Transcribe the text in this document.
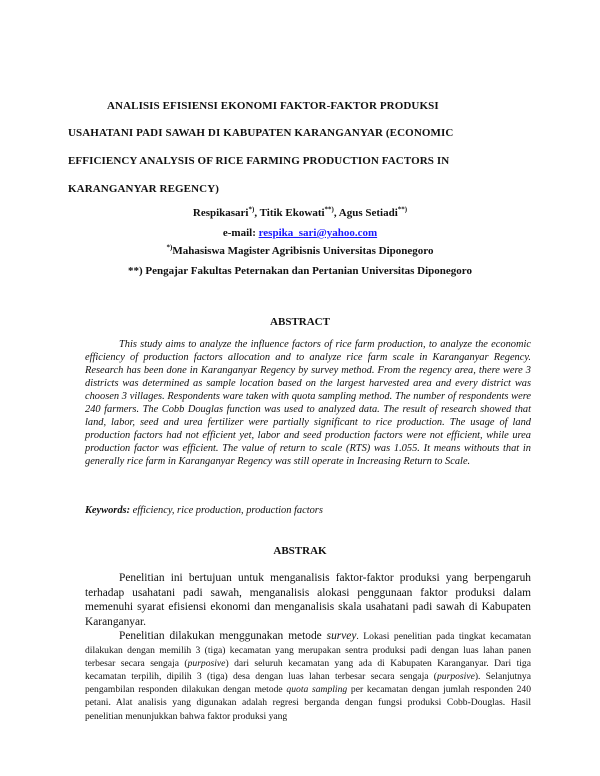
ANALISIS EFISIENSI EKONOMI FAKTOR-FAKTOR PRODUKSI
USAHATANI PADI SAWAH DI KABUPATEN KARANGANYAR (ECONOMIC
EFFICIENCY ANALYSIS OF RICE FARMING PRODUCTION FACTORS IN
KARANGANYAR REGENCY)
Respikasari*), Titik Ekowati**), Agus Setiadi**)
e-mail: respika_sari@yahoo.com
*)Mahasiswa Magister Agribisnis Universitas Diponegoro
**) Pengajar Fakultas Peternakan dan Pertanian Universitas Diponegoro
ABSTRACT

This study aims to analyze the influence factors of rice farm production, to analyze the economic efficiency of production factors allocation and to analyze rice farm scale in Karanganyar Regency. Research has been done in Karanganyar Regency by survey method. From the regency area, there were 3 districts was determined as sample location based on the largest harvested area and every district was choosen 3 villages. Respondents ware taken with quota sampling method. The number of respondents were 240 farmers. The Cobb Douglas function was used to analyzed data. The result of research showed that land, labor, seed and urea fertilizer were partially significant to rice production. The usage of land production factors had not efficient yet, labor and seed production factors were not efficient, while urea production factor was efficient. The value of return to scale (RTS) was 1.055. It means withouts that in generally rice farm in Karanganyar Regency was still operate in Increasing Return to Scale.

Keywords: efficiency, rice production, production factors
ABSTRAK

Penelitian ini bertujuan untuk menganalisis faktor-faktor produksi yang berpengaruh terhadap usahatani padi sawah, menganalisis alokasi penggunaan faktor produksi dalam memenuhi syarat efisiensi ekonomi dan menganalisis skala usahatani padi sawah di Kabupaten Karanganyar.

Penelitian dilakukan menggunakan metode survey. Lokasi penelitian pada tingkat kecamatan dilakukan dengan memilih 3 (tiga) kecamatan yang merupakan sentra produksi padi dengan luas lahan panen terbesar secara sengaja (purposive) dari seluruh kecamatan yang ada di Kabupaten Karanganyar. Dari tiga kecamatan terpilih, dipilih 3 (tiga) desa dengan luas lahan terbesar secara sengaja (purposive). Selanjutnya pengambilan responden dilakukan dengan metode quota sampling per kecamatan dengan jumlah responden 240 petani. Alat analisis yang digunakan adalah regresi berganda dengan fungsi produksi Cobb-Douglas. Hasil penelitian menunjukkan bahwa faktor produksi yang
